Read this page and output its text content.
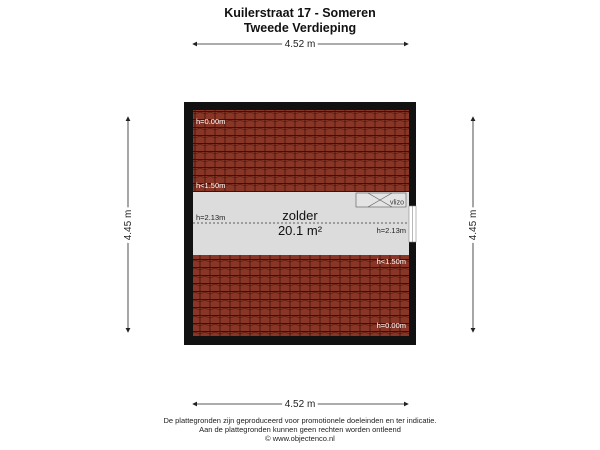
Kuilerstraat 17 - Someren
Tweede Verdieping
4.52 m
4.52 m
4.45 m	4.45 m
vlizo
zolder
20.1 m²
h=0.00m
h<1.50m
h=2.13m
h=2.13m
h<1.50m
h=0.00m
De plattegronden zijn geproduceerd voor promotionele doeleinden en ter indicatie.
Aan de plattegronden kunnen geen rechten worden ontleend
© www.objectenco.nl
